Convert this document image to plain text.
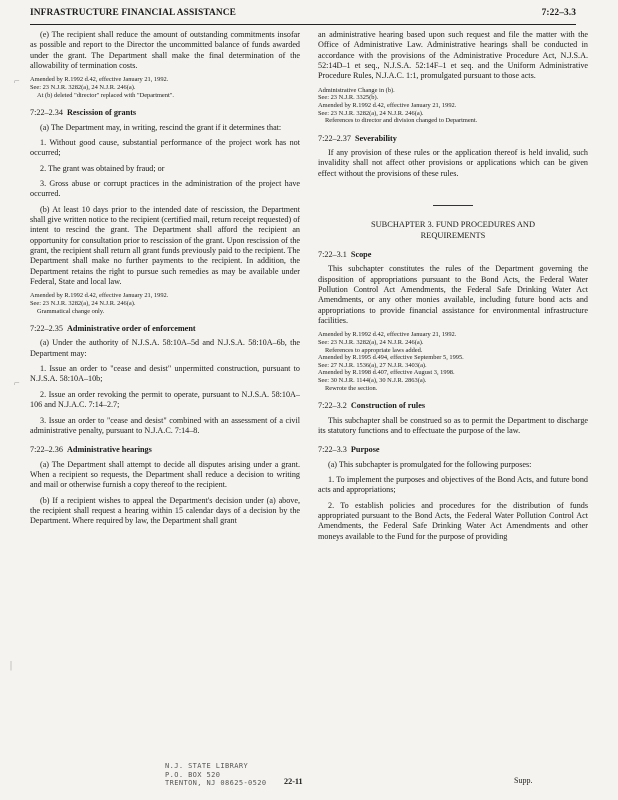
INFRASTRUCTURE FINANCIAL ASSISTANCE	7:22–3.3
⌐
⌐
|

(e) The recipient shall reduce the amount of outstanding commitments insofar as possible and report to the Director the uncommitted balance of funds awarded under the grant. The Department shall make the final determination of the allowability of termination costs.

Amended by R.1992 d.42, effective January 21, 1992.
See: 23 N.J.R. 3282(a), 24 N.J.R. 246(a).
At (b) deleted "director" replaced with "Department".
7:22–2.34 Rescission of grants

(a) The Department may, in writing, rescind the grant if it determines that:

1. Without good cause, substantial performance of the project work has not occurred;

2. The grant was obtained by fraud; or

3. Gross abuse or corrupt practices in the administration of the project have occurred.

(b) At least 10 days prior to the intended date of rescission, the Department shall give written notice to the recipient (certified mail, return receipt requested) of intent to rescind the grant. The Department shall afford the recipient an opportunity for consultation prior to rescission of the grant. Upon rescission of the grant, the recipient shall return all grant funds previously paid to the recipient. The Department shall make no further payments to the recipient. In addition, the Department retains the right to pursue such remedies as may be available under Federal, State and local law.

Amended by R.1992 d.42, effective January 21, 1992.
See: 23 N.J.R. 3282(a), 24 N.J.R. 246(a).
Grammatical change only.
7:22–2.35 Administrative order of enforcement

(a) Under the authority of N.J.S.A. 58:10A–5d and N.J.S.A. 58:10A–6b, the Department may:

1. Issue an order to "cease and desist" unpermitted construction, pursuant to N.J.S.A. 58:10A–10b;

2. Issue an order revoking the permit to operate, pursuant to N.J.S.A. 58:10A–106 and N.J.A.C. 7:14–2.7;

3. Issue an order to "cease and desist" combined with an assessment of a civil administrative penalty, pursuant to N.J.A.C. 7:14–8.

7:22–2.36 Administrative hearings

(a) The Department shall attempt to decide all disputes arising under a grant. When a recipient so requests, the Department shall reduce a decision to writing and mail or otherwise furnish a copy thereof to the recipient.

(b) If a recipient wishes to appeal the Department's decision under (a) above, the recipient shall request a hearing within 15 calendar days of a decision by the Department. Where required by law, the Department shall grant

an administrative hearing based upon such request and file the matter with the Office of Administrative Law. Administrative hearings shall be conducted in accordance with the provisions of the Administrative Procedure Act, N.J.S.A. 52:14D–1 et seq., N.J.S.A. 52:14F–1 et seq. and the Uniform Administrative Procedure Rules, N.J.A.C. 1:1, promulgated pursuant to those acts.

Administrative Change in (b).
See: 23 N.J.R. 3325(b).
Amended by R.1992 d.42, effective January 21, 1992.
See: 23 N.J.R. 3282(a), 24 N.J.R. 246(a).
References to director and division changed to Department.
7:22–2.37 Severability

If any provision of these rules or the application thereof is held invalid, such invalidity shall not affect other provisions or applications which can be given effect without the provisions of these rules.

SUBCHAPTER 3. FUND PROCEDURES AND
REQUIREMENTS
7:22–3.1 Scope

This subchapter constitutes the rules of the Department governing the disposition of appropriations pursuant to the Bond Acts, the Federal Water Pollution Control Act Amendments, the Federal Safe Drinking Water Act Amendments, or any other monies available, including future bond acts and appropriations to provide financial assistance for environmental infrastructure facilities.

Amended by R.1992 d.42, effective January 21, 1992.
See: 23 N.J.R. 3282(a), 24 N.J.R. 246(a).
References to appropriate laws added.
Amended by R.1995 d.494, effective September 5, 1995.
See: 27 N.J.R. 1536(a), 27 N.J.R. 3403(a).
Amended by R.1998 d.407, effective August 3, 1998.
See: 30 N.J.R. 1144(a), 30 N.J.R. 2863(a).
Rewrote the section.
7:22–3.2 Construction of rules

This subchapter shall be construed so as to permit the Department to discharge its statutory functions and to effectuate the purpose of the law.

7:22–3.3 Purpose

(a) This subchapter is promulgated for the following purposes:

1. To implement the purposes and objectives of the Bond Acts, and future bond acts and appropriations;

2. To establish policies and procedures for the distribution of funds appropriated pursuant to the Bond Acts, the Federal Water Pollution Control Act Amendments, the Federal Safe Drinking Water Act Amendments and other moneys available to the Fund for the purpose of providing

N.J. STATE LIBRARY
P.O. BOX 520
TRENTON, NJ 08625-0520 22-11	Supp.
